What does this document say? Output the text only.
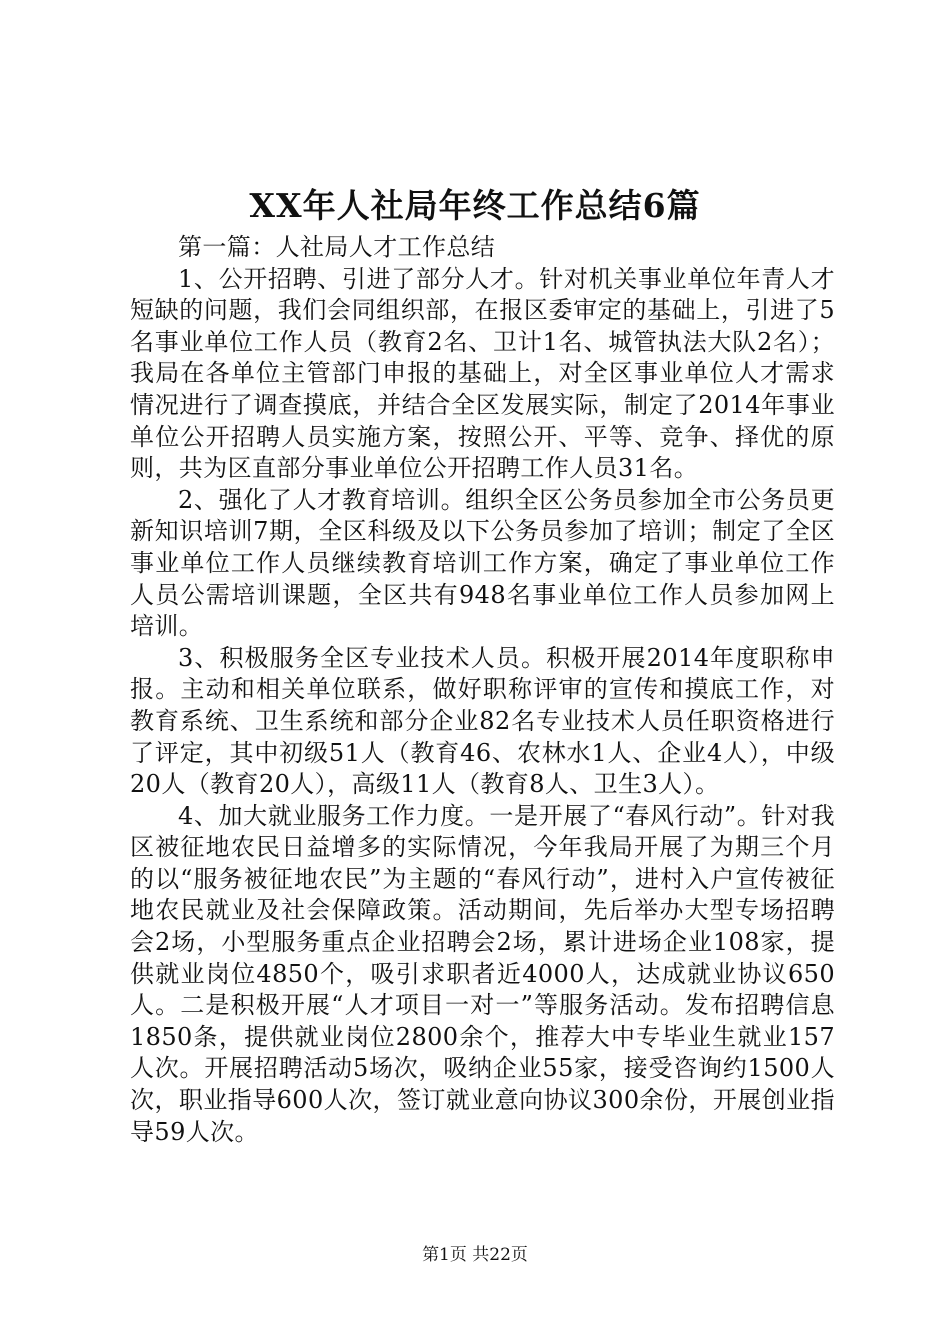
XX年人社局年终工作总结6篇

第一篇：人社局人才工作总结

1、公开招聘、引进了部分人才。针对机关事业单位年青人才短缺的问题，我们会同组织部，在报区委审定的基础上，引进了5名事业单位工作人员（教育2名、卫计1名、城管执法大队2名）；我局在各单位主管部门申报的基础上，对全区事业单位人才需求情况进行了调查摸底，并结合全区发展实际，制定了2014年事业单位公开招聘人员实施方案，按照公开、平等、竞争、择优的原则，共为区直部分事业单位公开招聘工作人员31名。

2、强化了人才教育培训。组织全区公务员参加全市公务员更新知识培训7期，全区科级及以下公务员参加了培训；制定了全区事业单位工作人员继续教育培训工作方案，确定了事业单位工作人员公需培训课题，全区共有948名事业单位工作人员参加网上培训。

3、积极服务全区专业技术人员。积极开展2014年度职称申报。主动和相关单位联系，做好职称评审的宣传和摸底工作，对教育系统、卫生系统和部分企业82名专业技术人员任职资格进行了评定，其中初级51人（教育46、农林水1人、企业4人），中级20人（教育20人），高级11人（教育8人、卫生3人）。

4、加大就业服务工作力度。一是开展了“春风行动”。针对我区被征地农民日益增多的实际情况，今年我局开展了为期三个月的以“服务被征地农民”为主题的“春风行动”，进村入户宣传被征地农民就业及社会保障政策。活动期间，先后举办大型专场招聘会2场，小型服务重点企业招聘会2场，累计进场企业108家，提供就业岗位4850个，吸引求职者近4000人，达成就业协议650人。二是积极开展“人才项目一对一”等服务活动。发布招聘信息1850条，提供就业岗位2800余个，推荐大中专毕业生就业157人次。开展招聘活动5场次，吸纳企业55家，接受咨询约1500人次，职业指导600人次，签订就业意向协议300余份，开展创业指导59人次。

第1页 共22页
